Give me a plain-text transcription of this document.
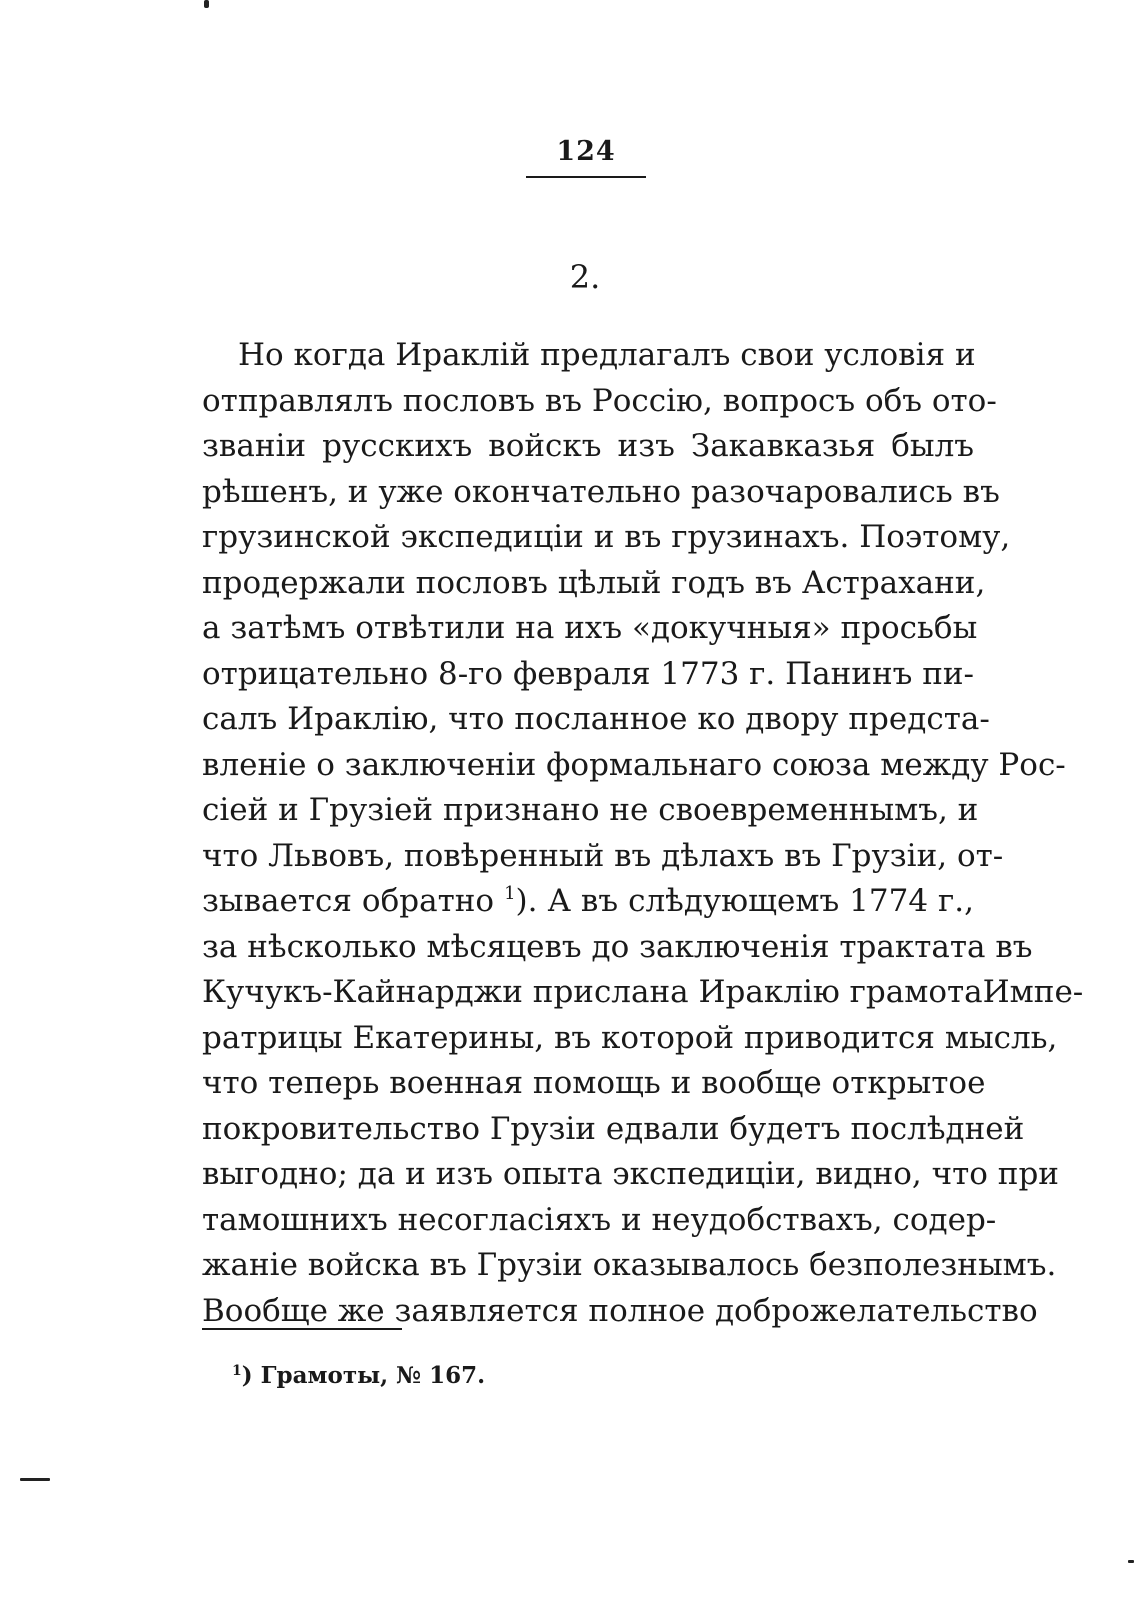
124
2.
Но когда Ираклій предлагалъ свои условія и
отправлялъ пословъ въ Россію, вопросъ объ ото-
званіи русскихъ войскъ изъ Закавказья былъ
рѣшенъ, и уже окончательно разочаровались въ
грузинской экспедиціи и въ грузинахъ. Поэтому,
продержали пословъ цѣлый годъ въ Астрахани,
а затѣмъ отвѣтили на ихъ «докучныя» просьбы
отрицательно 8-го февраля 1773 г. Панинъ пи-
салъ Ираклію, что посланное ко двору предста-
вленіе о заключеніи формальнаго союза между Рос-
сіей и Грузіей признано не своевременнымъ, и
что Львовъ, повѣренный въ дѣлахъ въ Грузіи, от-
зывается обратно $^1$). А въ слѣдующемъ 1774 г.,
за нѣсколько мѣсяцевъ до заключенія трактата въ
Кучукъ-Кайнарджи прислана Ираклію грамотаИмпе-
ратрицы Екатерины, въ которой приводится мысль,
что теперь военная помощь и вообще открытое
покровительство Грузіи едвали будетъ послѣдней
выгодно; да и изъ опыта экспедиціи, видно, что при
тамошнихъ несогласіяхъ и неудобствахъ, содер-
жаніе войска въ Грузіи оказывалось безполезнымъ.
Вообще же заявляется полное доброжелательство
$^1$) Грамоты, № 167.
